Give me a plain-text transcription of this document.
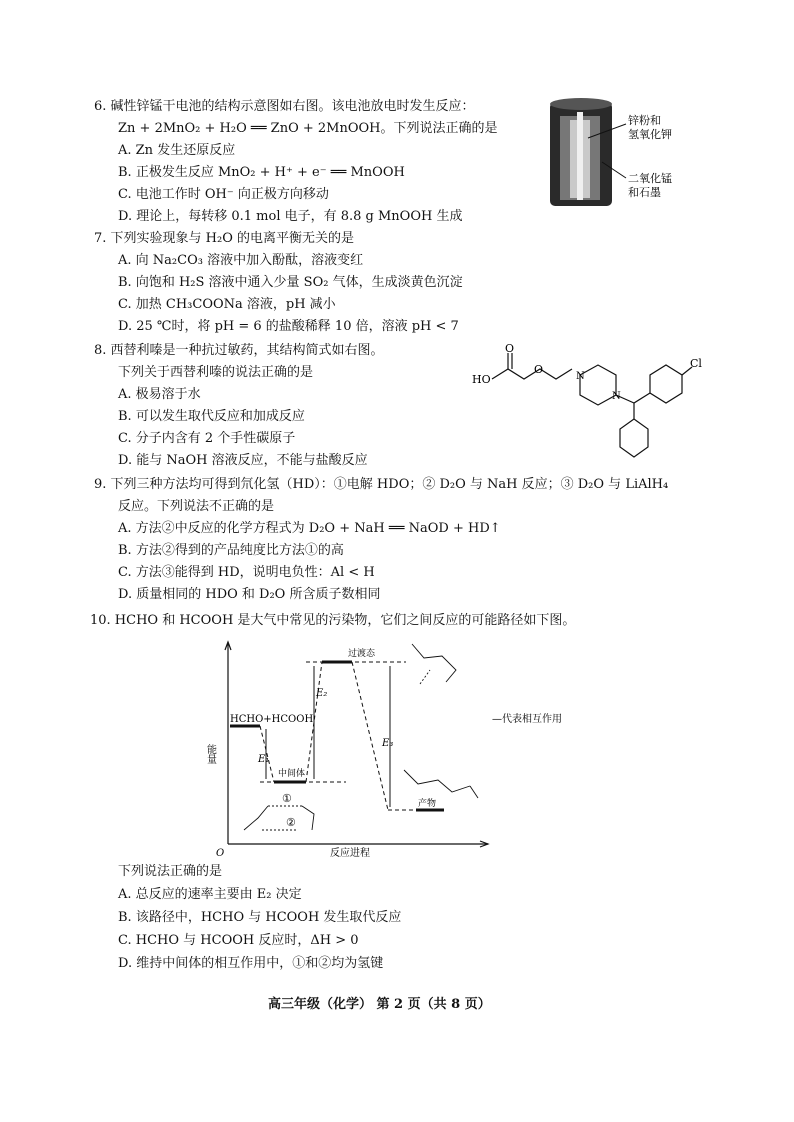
6. 碱性锌锰干电池的结构示意图如右图。该电池放电时发生反应：
Zn + 2MnO₂ + H₂O ══ ZnO + 2MnOOH。下列说法正确的是
A. Zn 发生还原反应
B. 正极发生反应 MnO₂ + H⁺ + e⁻ ══ MnOOH
C. 电池工作时 OH⁻ 向正极方向移动
D. 理论上，每转移 0.1 mol 电子，有 8.8 g MnOOH 生成
锌粉和
氢氧化钾
二氧化锰
和石墨
7. 下列实验现象与 H₂O 的电离平衡无关的是
A. 向 Na₂CO₃ 溶液中加入酚酞，溶液变红
B. 向饱和 H₂S 溶液中通入少量 SO₂ 气体，生成淡黄色沉淀
C. 加热 CH₃COONa 溶液，pH 减小
D. 25 ℃时，将 pH = 6 的盐酸稀释 10 倍，溶液 pH < 7
8. 西替利嗪是一种抗过敏药，其结构简式如右图。
下列关于西替利嗪的说法正确的是
A. 极易溶于水
B. 可以发生取代反应和加成反应
C. 分子内含有 2 个手性碳原子
D. 能与 NaOH 溶液反应，不能与盐酸反应
HO
O
O
N
N
Cl
9. 下列三种方法均可得到氘化氢（HD）：①电解 HDO；② D₂O 与 NaH 反应；③ D₂O 与 LiAlH₄
反应。下列说法不正确的是
A. 方法②中反应的化学方程式为 D₂O + NaH ══ NaOD + HD↑
B. 方法②得到的产品纯度比方法①的高
C. 方法③能得到 HD，说明电负性：Al < H
D. 质量相同的 HDO 和 D₂O 所含质子数相同
10. HCHO 和 HCOOH 是大气中常见的污染物，它们之间反应的可能路径如下图。
能量
反应进程
O
HCHO+HCOOH
中间体
过渡态
产物
E₁
E₂
E₃
—代表相互作用
①
②
下列说法正确的是
A. 总反应的速率主要由 E₂ 决定
B. 该路径中，HCHO 与 HCOOH 发生取代反应
C. HCHO 与 HCOOH 反应时，ΔH > 0
D. 维持中间体的相互作用中，①和②均为氢键
高三年级（化学） 第 2 页（共 8 页）
